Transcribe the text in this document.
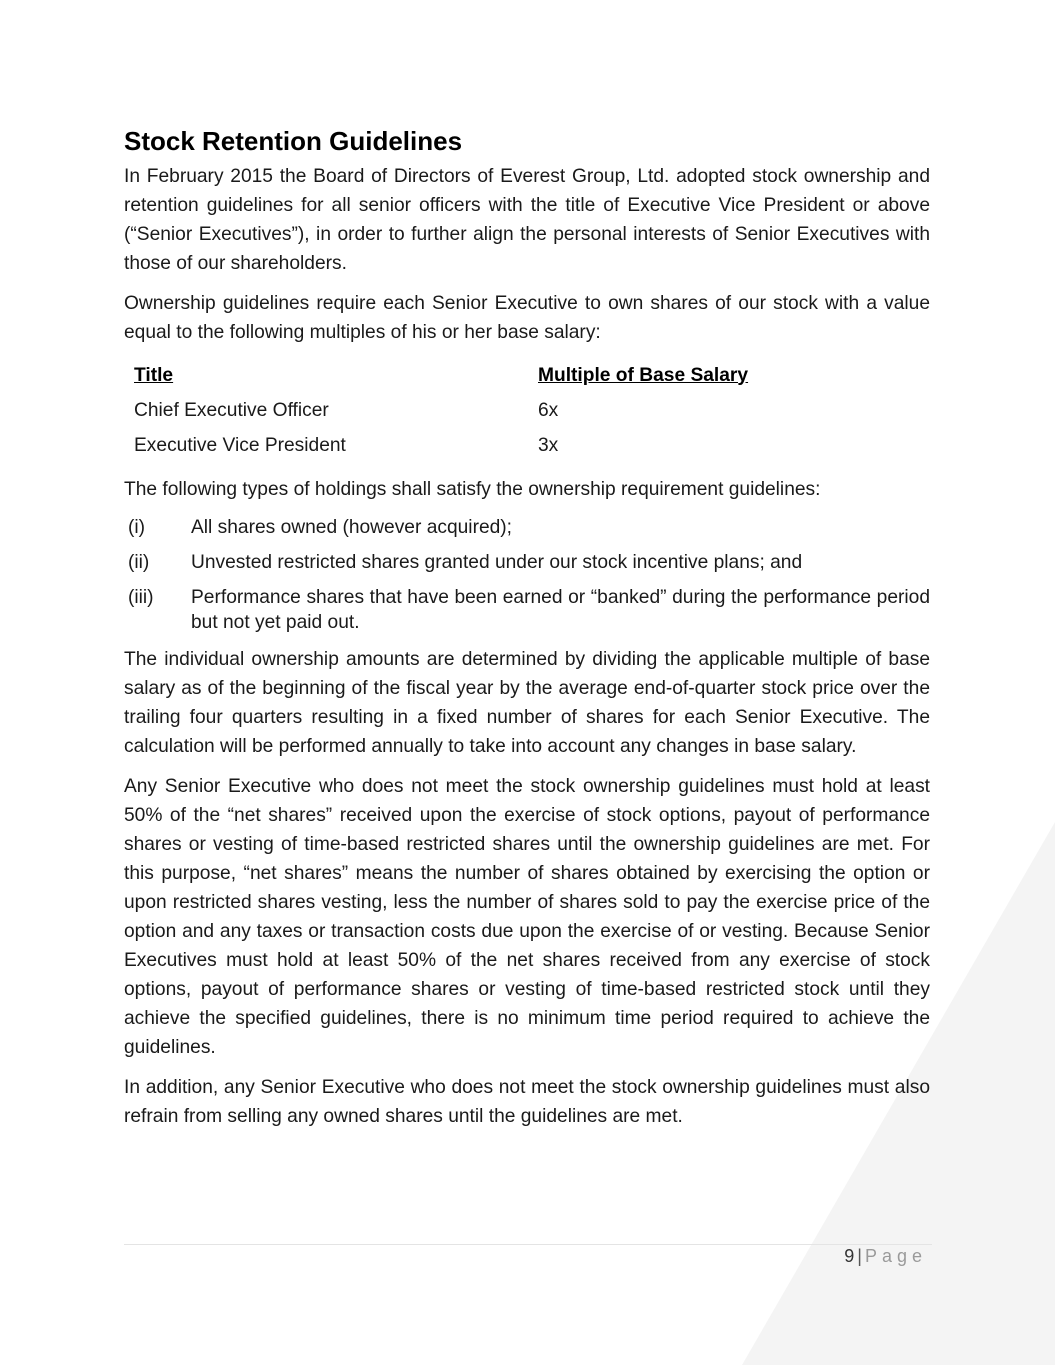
Stock Retention Guidelines

In February 2015 the Board of Directors of Everest Group, Ltd. adopted stock ownership and retention guidelines for all senior officers with the title of Executive Vice President or above (“Senior Executives”), in order to further align the personal interests of Senior Executives with those of our shareholders.

Ownership guidelines require each Senior Executive to own shares of our stock with a value equal to the following multiples of his or her base salary:

Title	Multiple of Base Salary
Chief Executive Officer	6x
Executive Vice President	3x

The following types of holdings shall satisfy the ownership requirement guidelines:

(i)	All shares owned (however acquired);
(ii)	Unvested restricted shares granted under our stock incentive plans; and
(iii)	Performance shares that have been earned or “banked” during the performance period but not yet paid out.

The individual ownership amounts are determined by dividing the applicable multiple of base salary as of the beginning of the fiscal year by the average end-of-quarter stock price over the trailing four quarters resulting in a fixed number of shares for each Senior Executive. The calculation will be performed annually to take into account any changes in base salary.

Any Senior Executive who does not meet the stock ownership guidelines must hold at least 50% of the “net shares” received upon the exercise of stock options, payout of performance shares or vesting of time-based restricted shares until the ownership guidelines are met. For this purpose, “net shares” means the number of shares obtained by exercising the option or upon restricted shares vesting, less the number of shares sold to pay the exercise price of the option and any taxes or transaction costs due upon the exercise of or vesting. Because Senior Executives must hold at least 50% of the net shares received from any exercise of stock options, payout of performance shares or vesting of time-based restricted stock until they achieve the specified guidelines, there is no minimum time period required to achieve the guidelines.

In addition, any Senior Executive who does not meet the stock ownership guidelines must also refrain from selling any owned shares until the guidelines are met.

9 | Page
